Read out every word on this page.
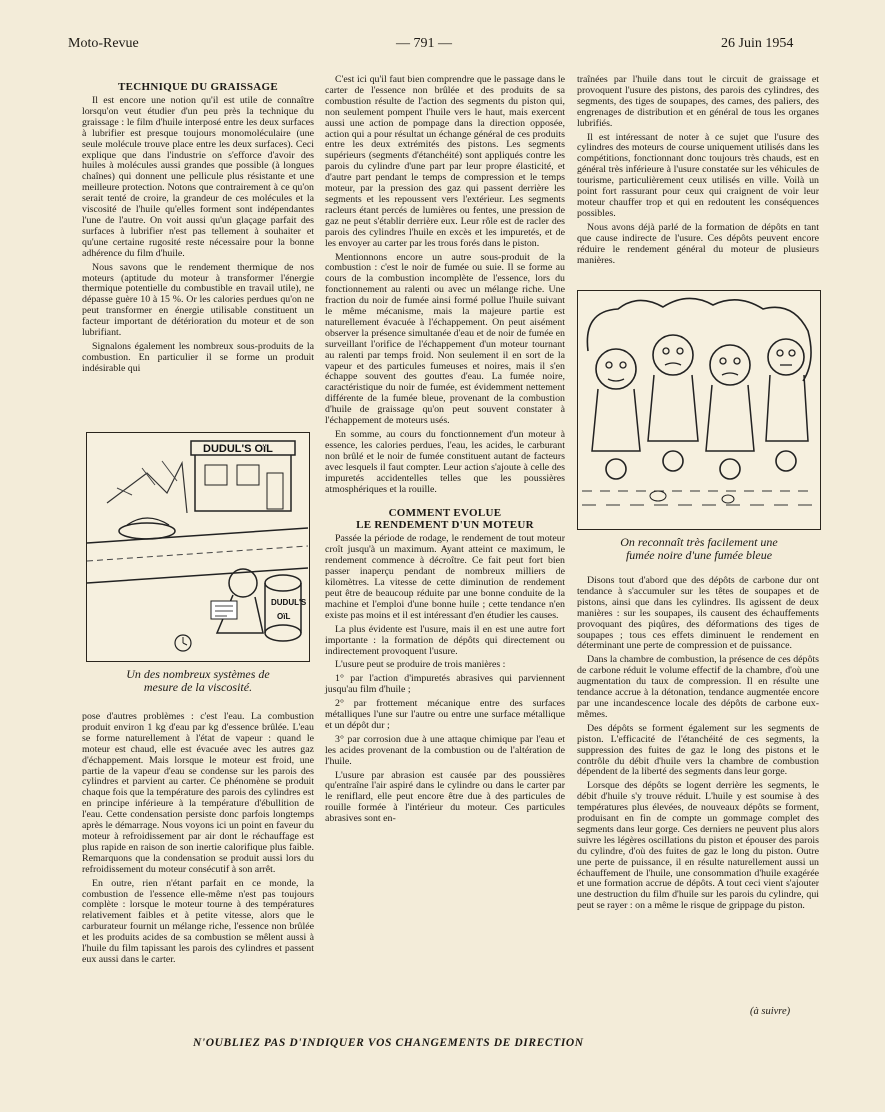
Moto-Revue	— 791 —	26 Juin 1954
TECHNIQUE DU GRAISSAGE

Il est encore une notion qu'il est utile de connaître lorsqu'on veut étudier d'un peu près la technique du graissage : le film d'huile interposé entre les deux surfaces à lubrifier est presque toujours monomoléculaire (une seule molécule trouve place entre les deux surfaces). Ceci explique que dans l'industrie on s'efforce d'avoir des huiles à molécules aussi grandes que possible (à longues chaînes) qui donnent une pellicule plus résistante et une meilleure protection. Notons que contrairement à ce qu'on serait tenté de croire, la grandeur de ces molécules et la viscosité de l'huile qu'elles forment sont indépendantes l'une de l'autre. On voit aussi qu'un glaçage parfait des surfaces à lubrifier n'est pas tellement à souhaiter et qu'une certaine rugosité reste nécessaire pour la bonne adhérence du film d'huile.

Nous savons que le rendement thermique de nos moteurs (aptitude du moteur à transformer l'énergie thermique potentielle du combustible en travail utile), ne dépasse guère 10 à 15 %. Or les calories perdues qu'on ne peut transformer en énergie utilisable constituent un facteur important de détérioration du moteur et de son lubrifiant.

Signalons également les nombreux sous-produits de la combustion. En particulier il se forme un produit indésirable qui

DUDUL'S OïL
DUDUL'S
OïL
Un des nombreux systèmes de
mesure de la viscosité.

pose d'autres problèmes : c'est l'eau. La combustion produit environ 1 kg d'eau par kg d'essence brûlée. L'eau se forme naturellement à l'état de vapeur : quand le moteur est chaud, elle est évacuée avec les autres gaz d'échappement. Mais lorsque le moteur est froid, une partie de la vapeur d'eau se condense sur les parois des cylindres et parvient au carter. Ce phénomène se produit chaque fois que la température des parois des cylindres est en principe inférieure à la température d'ébullition de l'eau. Cette condensation persiste donc parfois longtemps après le démarrage. Nous voyons ici un point en faveur du moteur à refroidissement par air dont le réchauffage est plus rapide en raison de son inertie calorifique plus faible. Remarquons que la condensation se produit aussi lors du refroidissement du moteur consécutif à son arrêt.

En outre, rien n'étant parfait en ce monde, la combustion de l'essence elle-même n'est pas toujours complète : lorsque le moteur tourne à des températures relativement faibles et à petite vitesse, alors que le carburateur fournit un mélange riche, l'essence non brûlée et les produits acides de sa combustion se mêlent aussi à l'huile du film tapissant les parois des cylindres et passent eux aussi dans le carter.

C'est ici qu'il faut bien comprendre que le passage dans le carter de l'essence non brûlée et des produits de sa combustion résulte de l'action des segments du piston qui, non seulement pompent l'huile vers le haut, mais exercent aussi une action de pompage dans la direction opposée, action qui a pour résultat un échange général de ces produits entre les deux extrémités des pistons. Les segments supérieurs (segments d'étanchéité) sont appliqués contre les parois du cylindre d'une part par leur propre élasticité, et d'autre part pendant le temps de compression et le temps moteur, par la pression des gaz qui passent derrière les segments et les repoussent vers l'extérieur. Les segments racleurs étant percés de lumières ou fentes, une pression de gaz ne peut s'établir derrière eux. Leur rôle est de racler des parois des cylindres l'huile en excès et les impuretés, et de les envoyer au carter par les trous forés dans le piston.

Mentionnons encore un autre sous-produit de la combustion : c'est le noir de fumée ou suie. Il se forme au cours de la combustion incomplète de l'essence, lors du fonctionnement au ralenti ou avec un mélange riche. Une fraction du noir de fumée ainsi formé pollue l'huile suivant le même mécanisme, mais la majeure partie est naturellement évacuée à l'échappement. On peut aisément observer la présence simultanée d'eau et de noir de fumée en surveillant l'orifice de l'échappement d'un moteur tournant au ralenti par temps froid. Non seulement il en sort de la vapeur et des particules fumeuses et noires, mais il s'en échappe souvent des gouttes d'eau. La fumée noire, caractéristique du noir de fumée, est évidemment nettement différente de la fumée bleue, provenant de la combustion d'huile de graissage qu'on peut souvent constater à l'échappement de moteurs usés.

En somme, au cours du fonctionnement d'un moteur à essence, les calories perdues, l'eau, les acides, le carburant non brûlé et le noir de fumée constituent autant de facteurs avec lesquels il faut compter. Leur action s'ajoute à celle des impuretés accidentelles telles que les poussières atmosphériques et la rouille.

COMMENT EVOLUE
LE RENDEMENT D'UN MOTEUR

Passée la période de rodage, le rendement de tout moteur croît jusqu'à un maximum. Ayant atteint ce maximum, le rendement commence à décroître. Ce fait peut fort bien passer inaperçu pendant de nombreux milliers de kilomètres. La vitesse de cette diminution de rendement peut être de beaucoup réduite par une bonne conduite de la machine et l'emploi d'une bonne huile ; cette tendance n'en existe pas moins et il est intéressant d'en étudier les causes.

La plus évidente est l'usure, mais il en est une autre fort importante : la formation de dépôts qui directement ou indirectement provoquent l'usure.

L'usure peut se produire de trois manières :

1° par l'action d'impuretés abrasives qui parviennent jusqu'au film d'huile ;

2° par frottement mécanique entre des surfaces métalliques l'une sur l'autre ou entre une surface métallique et un dépôt dur ;

3° par corrosion due à une attaque chimique par l'eau et les acides provenant de la combustion ou de l'altération de l'huile.

L'usure par abrasion est causée par des poussières qu'entraîne l'air aspiré dans le cylindre ou dans le carter par le reniflard, elle peut encore être due à des particules de rouille formée à l'intérieur du moteur. Ces particules abrasives sont en-

traînées par l'huile dans tout le circuit de graissage et provoquent l'usure des pistons, des parois des cylindres, des segments, des tiges de soupapes, des cames, des paliers, des engrenages de distribution et en général de tous les organes lubrifiés.

Il est intéressant de noter à ce sujet que l'usure des cylindres des moteurs de course uniquement utilisés dans les compétitions, fonctionnant donc toujours très chauds, est en général très inférieure à l'usure constatée sur les véhicules de tourisme, particulièrement ceux utilisés en ville. Voilà un point fort rassurant pour ceux qui craignent de voir leur moteur chauffer trop et qui en redoutent les conséquences possibles.

Nous avons déjà parlé de la formation de dépôts en tant que cause indirecte de l'usure. Ces dépôts peuvent encore réduire le rendement général du moteur de plusieurs manières.

On reconnaît très facilement une
fumée noire d'une fumée bleue

Disons tout d'abord que des dépôts de carbone dur ont tendance à s'accumuler sur les têtes de soupapes et de pistons, ainsi que dans les cylindres. Ils agissent de deux manières : sur les soupapes, ils causent des échauffements provoquant des piqûres, des déformations des tiges de soupapes ; tous ces effets diminuent le rendement en déterminant une perte de compression et de puissance.

Dans la chambre de combustion, la présence de ces dépôts de carbone réduit le volume effectif de la chambre, d'où une augmentation du taux de compression. Il en résulte une tendance accrue à la détonation, tendance augmentée encore par une incandescence locale des dépôts de carbone eux-mêmes.

Des dépôts se forment également sur les segments de piston. L'efficacité de l'étanchéité de ces segments, la suppression des fuites de gaz le long des pistons et le contrôle du débit d'huile vers la chambre de combustion dépendent de la liberté des segments dans leur gorge.

Lorsque des dépôts se logent derrière les segments, le débit d'huile s'y trouve réduit. L'huile y est soumise à des températures plus élevées, de nouveaux dépôts se forment, produisant en fin de compte un gommage complet des segments dans leur gorge. Ces derniers ne peuvent plus alors suivre les légères oscillations du piston et épouser des parois du cylindre, d'où des fuites de gaz le long du piston. Outre une perte de puissance, il en résulte naturellement aussi un échauffement de l'huile, une consommation d'huile exagérée et une formation accrue de dépôts. A tout ceci vient s'ajouter une destruction du film d'huile sur les parois du cylindre, qui peut se rayer : on a même le risque de grippage du piston.

(à suivre)
N'OUBLIEZ PAS D'INDIQUER VOS CHANGEMENTS DE DIRECTION
